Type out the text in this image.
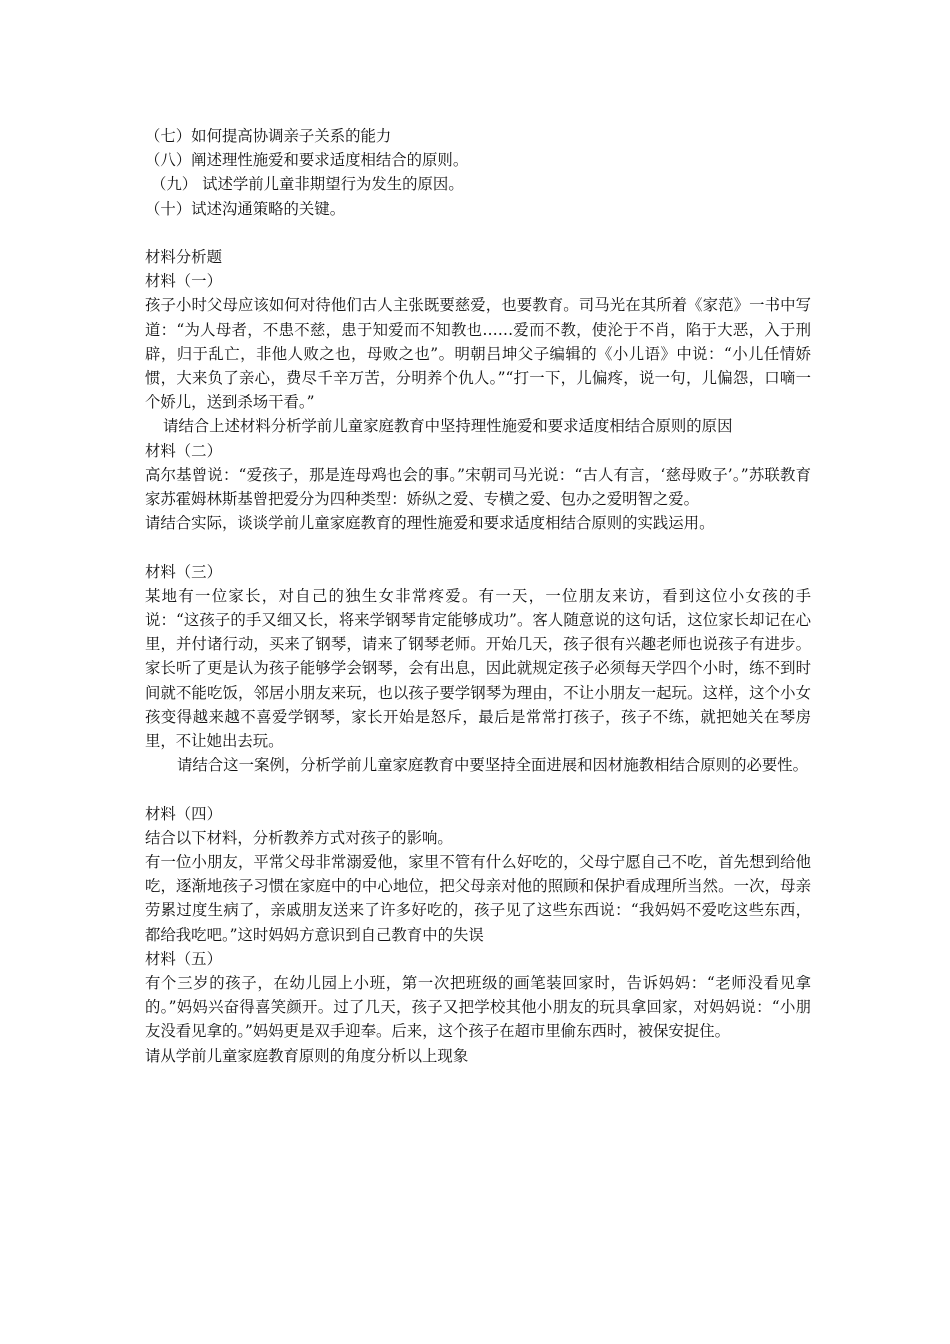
（七）如何提高协调亲子关系的能力
（八）阐述理性施爱和要求适度相结合的原则。
（九） 试述学前儿童非期望行为发生的原因。
（十）试述沟通策略的关键。
材料分析题
材料（一）
孩子小时父母应该如何对待他们古人主张既要慈爱，也要教育。司马光在其所着《家范》一书中写道：“为人母者，不患不慈，患于知爱而不知教也……爱而不教，使沦于不肖，陷于大恶，入于刑辟，归于乱亡，非他人败之也，母败之也”。明朝吕坤父子编辑的《小儿语》中说：“小儿任情娇惯，大来负了亲心，费尽千辛万苦，分明养个仇人。”“打一下，儿偏疼，说一句，儿偏怨，口嘀一个娇儿，送到杀场干看。”
请结合上述材料分析学前儿童家庭教育中坚持理性施爱和要求适度相结合原则的原因
材料（二）
高尔基曾说：“爱孩子，那是连母鸡也会的事。”宋朝司马光说：“古人有言，‘慈母败子’。”苏联教育家苏霍姆林斯基曾把爱分为四种类型：娇纵之爱、专横之爱、包办之爱明智之爱。
请结合实际，谈谈学前儿童家庭教育的理性施爱和要求适度相结合原则的实践运用。
材料（三）
某地有一位家长，对自己的独生女非常疼爱。有一天，一位朋友来访，看到这位小女孩的手说：“这孩子的手又细又长，将来学钢琴肯定能够成功”。客人随意说的这句话，这位家长却记在心里，并付诸行动，买来了钢琴，请来了钢琴老师。开始几天，孩子很有兴趣老师也说孩子有进步。家长听了更是认为孩子能够学会钢琴，会有出息，因此就规定孩子必须每天学四个小时，练不到时间就不能吃饭，邻居小朋友来玩，也以孩子要学钢琴为理由，不让小朋友一起玩。这样，这个小女孩变得越来越不喜爱学钢琴，家长开始是怒斥，最后是常常打孩子，孩子不练，就把她关在琴房里，不让她出去玩。
请结合这一案例，分析学前儿童家庭教育中要坚持全面进展和因材施教相结合原则的必要性。
材料（四）
结合以下材料，分析教养方式对孩子的影响。
有一位小朋友，平常父母非常溺爱他，家里不管有什么好吃的，父母宁愿自己不吃，首先想到给他吃，逐渐地孩子习惯在家庭中的中心地位，把父母亲对他的照顾和保护看成理所当然。一次，母亲劳累过度生病了，亲戚朋友送来了许多好吃的，孩子见了这些东西说：“我妈妈不爱吃这些东西，都给我吃吧。”这时妈妈方意识到自己教育中的失误
材料（五）
有个三岁的孩子，在幼儿园上小班，第一次把班级的画笔装回家时，告诉妈妈：“老师没看见拿的。”妈妈兴奋得喜笑颜开。过了几天，孩子又把学校其他小朋友的玩具拿回家，对妈妈说：“小朋友没看见拿的。”妈妈更是双手迎奉。后来，这个孩子在超市里偷东西时，被保安捉住。
请从学前儿童家庭教育原则的角度分析以上现象
